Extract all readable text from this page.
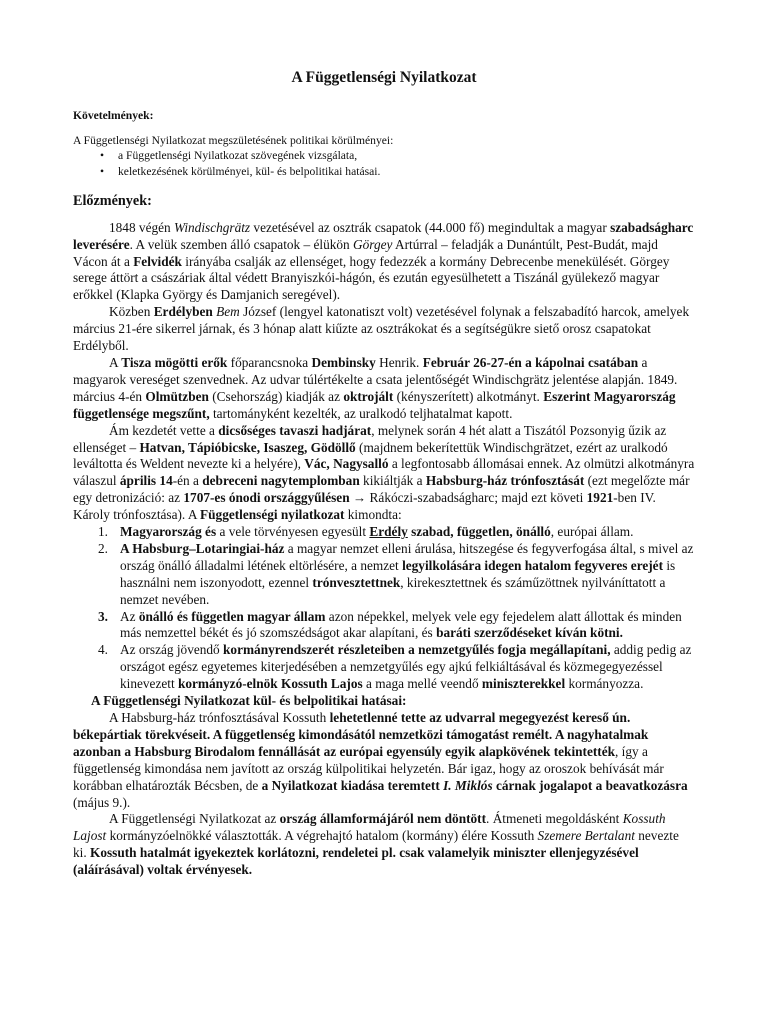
A Függetlenségi Nyilatkozat
Követelmények:

A Függetlenségi Nyilatkozat megszületésének politikai körülményei:

• a Függetlenségi Nyilatkozat szövegének vizsgálata,
• keletkezésének körülményei, kül- és belpolitikai hatásai.
Előzmények:

1848 végén Windischgrätz vezetésével az osztrák csapatok (44.000 fő) megindultak a magyar szabadságharc leverésére. A velük szemben álló csapatok – élükön Görgey Artúrral – feladják a Dunántúlt, Pest-Budát, majd Vácon át a Felvidék irányába csalják az ellenséget, hogy fedezzék a kormány Debrecenbe menekülését. Görgey serege áttört a császáriak által védett Branyiszkói-hágón, és ezután egyesülhetett a Tiszánál gyülekező magyar erőkkel (Klapka György és Damjanich seregével).

Közben Erdélyben Bem József (lengyel katonatiszt volt) vezetésével folynak a felszabadító harcok, amelyek március 21-ére sikerrel járnak, és 3 hónap alatt kiűzte az osztrákokat és a segítségükre siető orosz csapatokat Erdélyből.

A Tisza mögötti erők főparancsnoka Dembinsky Henrik. Február 26-27-én a kápolnai csatában a magyarok vereséget szenvednek. Az udvar túlértékelte a csata jelentőségét Windischgrätz jelentése alapján. 1849. március 4-én Olmützben (Csehország) kiadják az oktrojált (kényszerített) alkotmányt. Eszerint Magyarország függetlensége megszűnt, tartományként kezelték, az uralkodó teljhatalmat kapott.

Ám kezdetét vette a dicsőséges tavaszi hadjárat, melynek során 4 hét alatt a Tiszától Pozsonyig űzik az ellenséget – Hatvan, Tápióbicske, Isaszeg, Gödöllő (majdnem bekerítettük Windischgrätzet, ezért az uralkodó leváltotta és Weldent nevezte ki a helyére), Vác, Nagysalló a legfontosabb állomásai ennek. Az olmützi alkotmányra válaszul április 14-én a debreceni nagytemplomban kikiáltják a Habsburg-ház trónfosztását (ezt megelőzte már egy detronizáció: az 1707-es ónodi országgyűlésen → Rákóczi-szabadságharc; majd ezt követi 1921-ben IV. Károly trónfosztása). A Függetlenségi nyilatkozat kimondta:

1. Magyarország és a vele törvényesen egyesült Erdély szabad, független, önálló, európai állam.
2. A Habsburg–Lotaringiai-ház a magyar nemzet elleni árulása, hitszegése és fegyverfogása által, s mivel az ország önálló álladalmi létének eltörlésére, a nemzet legyilkolására idegen hatalom fegyveres erejét is használni nem iszonyodott, ezennel trónvesztettnek, kirekesztettnek és száműzöttnek nyilváníttatott a nemzet nevében.
3. Az önálló és független magyar állam azon népekkel, melyek vele egy fejedelem alatt állottak és minden más nemzettel békét és jó szomszédságot akar alapítani, és baráti szerződéseket kíván kötni.
4. Az ország jövendő kormányrendszerét részleteiben a nemzetgyűlés fogja megállapítani, addig pedig az országot egész egyetemes kiterjedésében a nemzetgyűlés egy ajkú felkiáltásával és közmegegyezéssel kinevezett kormányzó-elnök Kossuth Lajos a maga mellé veendő miniszterekkel kormányozza.

A Függetlenségi Nyilatkozat kül- és belpolitikai hatásai:

A Habsburg-ház trónfosztásával Kossuth lehetetlenné tette az udvarral megegyezést kereső ún. békepártiak törekvéseit. A függetlenség kimondásától nemzetközi támogatást remélt. A nagyhatalmak azonban a Habsburg Birodalom fennállását az európai egyensúly egyik alapkövének tekintették, így a függetlenség kimondása nem javított az ország külpolitikai helyzetén. Bár igaz, hogy az oroszok behívását már korábban elhatározták Bécsben, de a Nyilatkozat kiadása teremtett I. Miklós cárnak jogalapot a beavatkozásra (május 9.).

A Függetlenségi Nyilatkozat az ország államformájáról nem döntött. Átmeneti megoldásként Kossuth Lajost kormányzóelnökké választották. A végrehajtó hatalom (kormány) élére Kossuth Szemere Bertalant nevezte ki. Kossuth hatalmát igyekeztek korlátozni, rendeletei pl. csak valamelyik miniszter ellenjegyzésével (aláírásával) voltak érvényesek.
